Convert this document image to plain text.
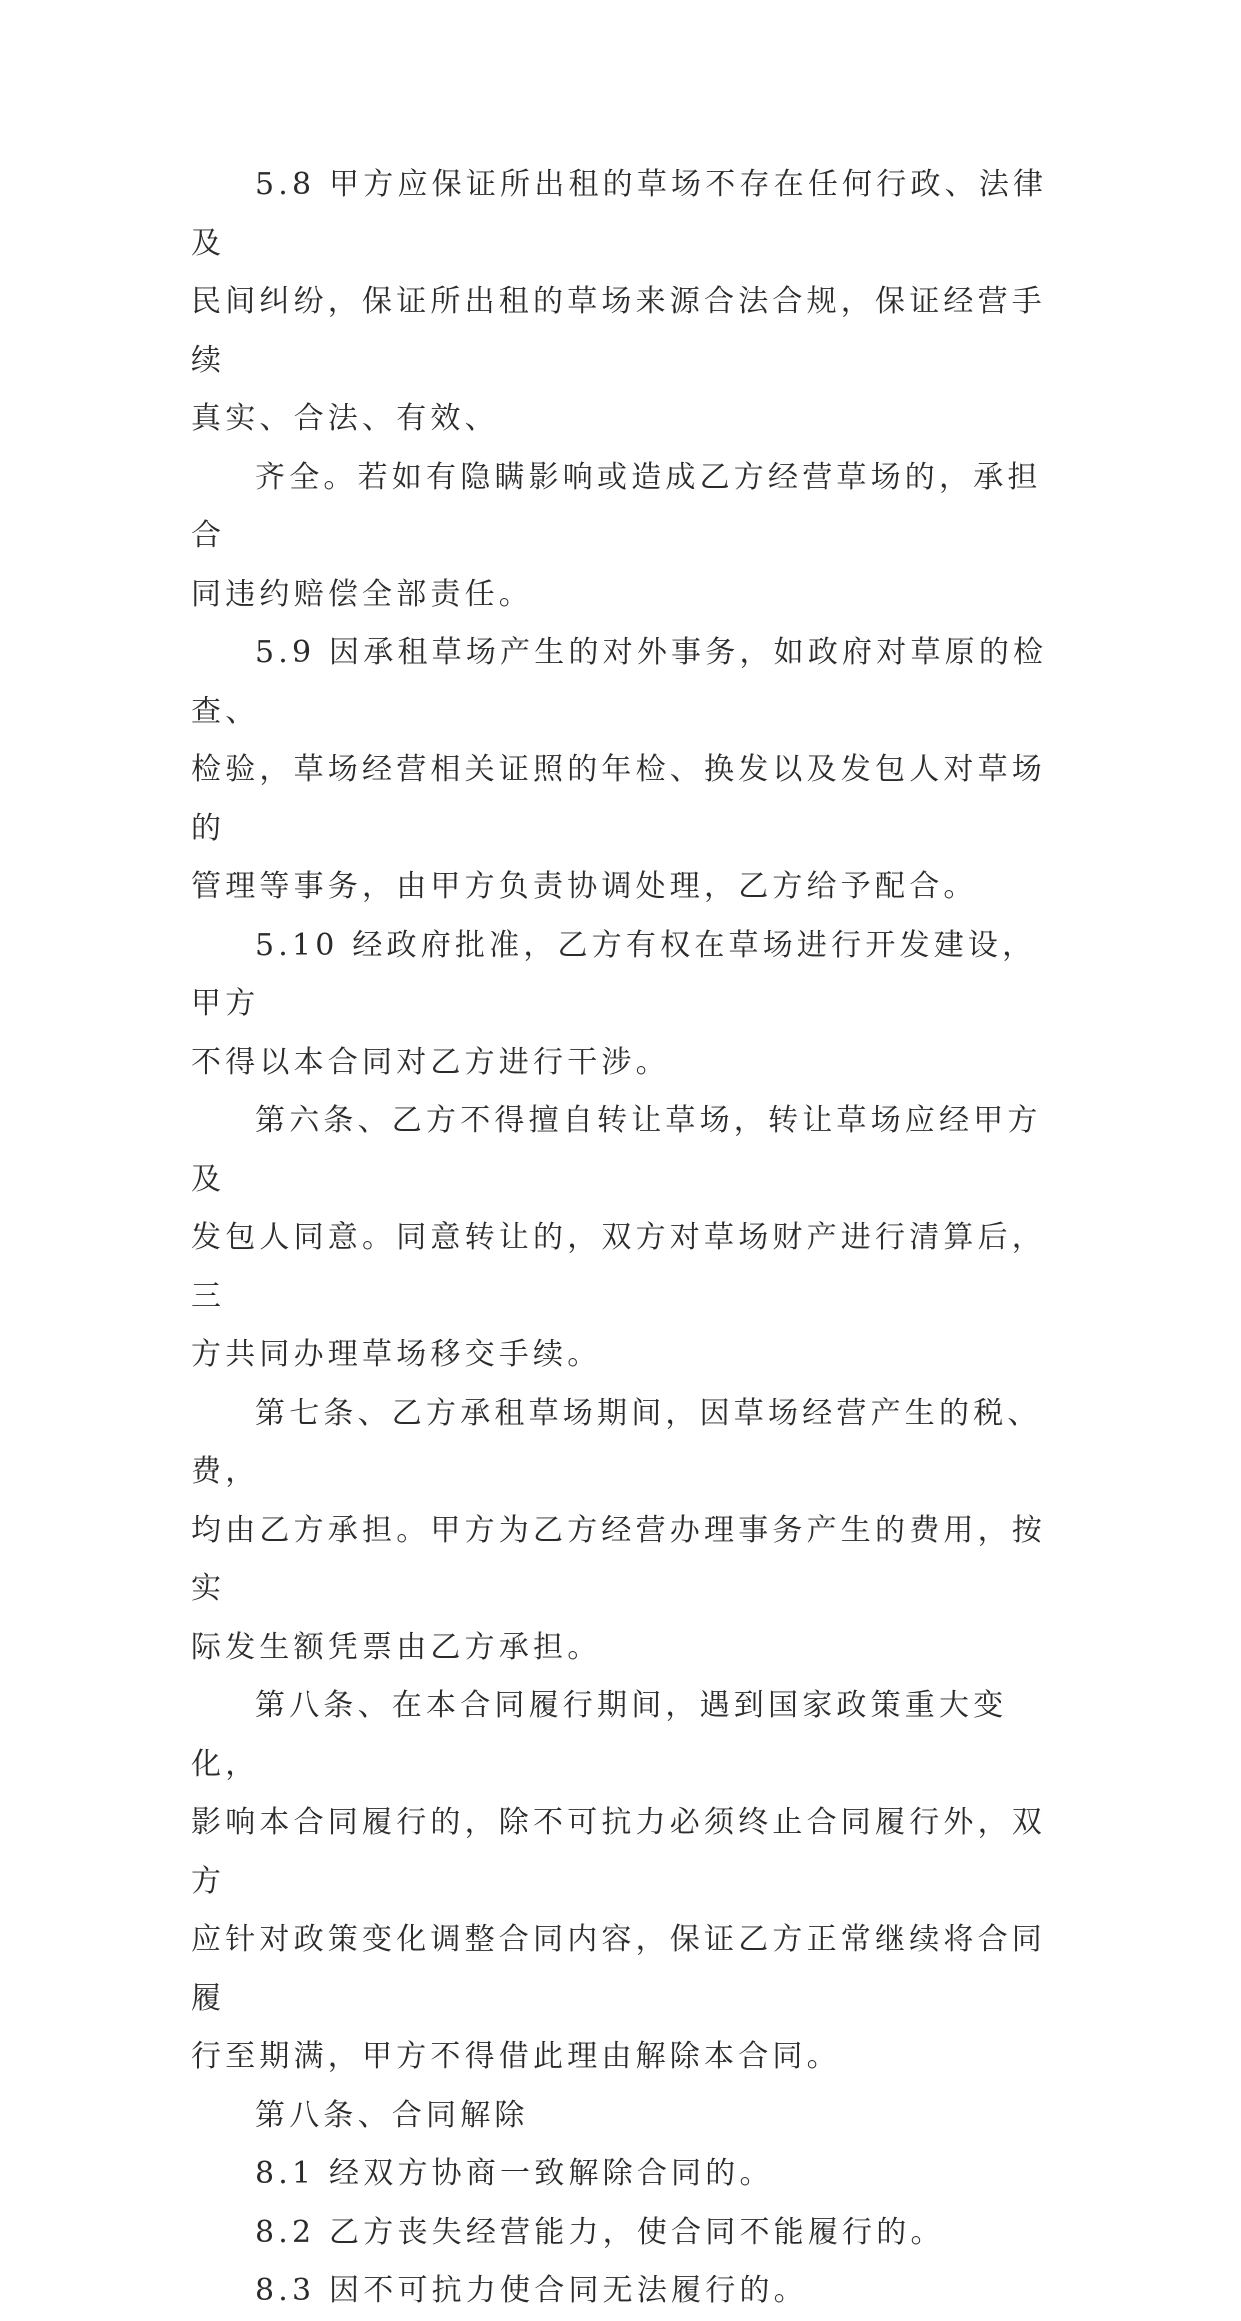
5.8 甲方应保证所出租的草场不存在任何行政、法律及
民间纠纷，保证所出租的草场来源合法合规，保证经营手续
真实、合法、有效、

齐全。若如有隐瞒影响或造成乙方经营草场的，承担合
同违约赔偿全部责任。

5.9 因承租草场产生的对外事务，如政府对草原的检查、
检验，草场经营相关证照的年检、换发以及发包人对草场的
管理等事务，由甲方负责协调处理，乙方给予配合。

5.10 经政府批准，乙方有权在草场进行开发建设，甲方
不得以本合同对乙方进行干涉。

第六条、乙方不得擅自转让草场，转让草场应经甲方及
发包人同意。同意转让的，双方对草场财产进行清算后，三
方共同办理草场移交手续。

第七条、乙方承租草场期间，因草场经营产生的税、费，
均由乙方承担。甲方为乙方经营办理事务产生的费用，按实
际发生额凭票由乙方承担。

第八条、在本合同履行期间，遇到国家政策重大变化，
影响本合同履行的，除不可抗力必须终止合同履行外，双方
应针对政策变化调整合同内容，保证乙方正常继续将合同履
行至期满，甲方不得借此理由解除本合同。

第八条、合同解除

8.1 经双方协商一致解除合同的。

8.2 乙方丧失经营能力，使合同不能履行的。

8.3 因不可抗力使合同无法履行的。
